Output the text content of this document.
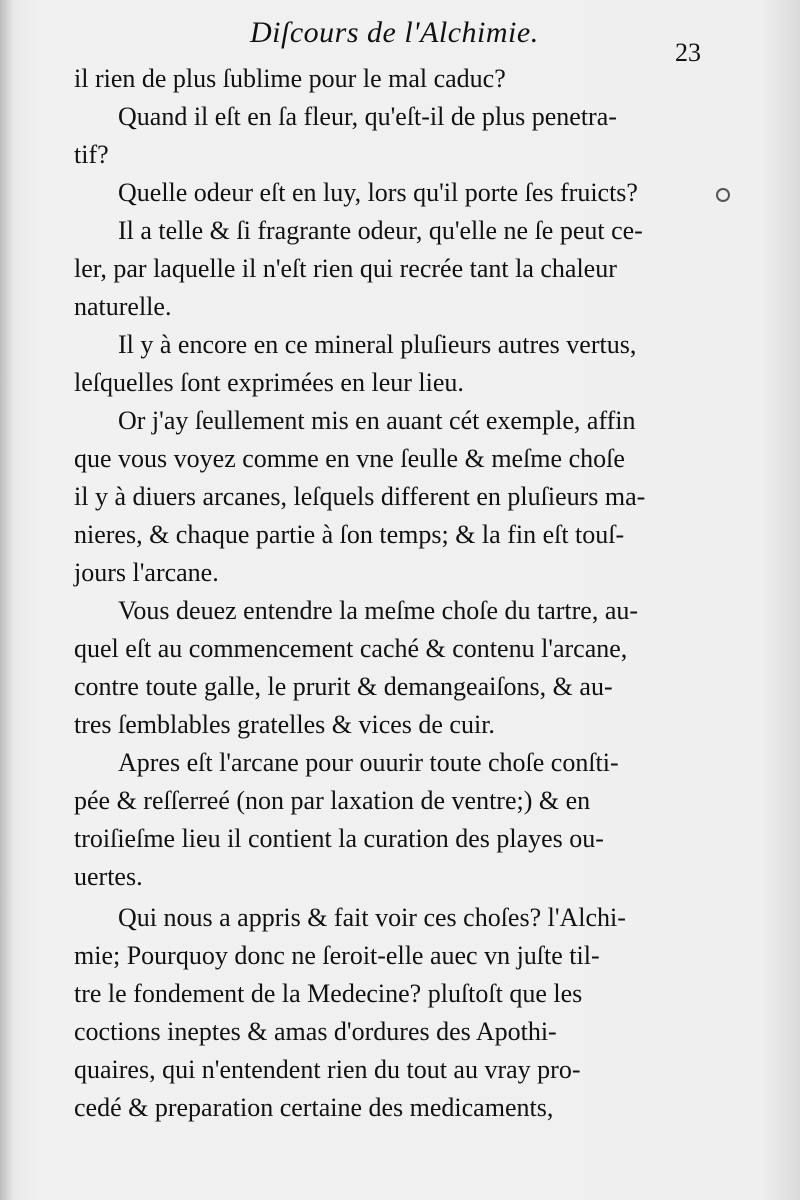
Diſcours de l'Alchimie.
23
il rien de plus ſublime pour le mal caduc?
Quand il eſt en ſa fleur, qu'eſt-il de plus penetra-
tif?
Quelle odeur eſt en luy, lors qu'il porte ſes fruicts?
Il a telle & ſi fragrante odeur, qu'elle ne ſe peut ce-
ler, par laquelle il n'eſt rien qui recrée tant la chaleur
naturelle.
Il y à encore en ce mineral pluſieurs autres vertus,
leſquelles ſont exprimées en leur lieu.
Or j'ay ſeullement mis en auant cét exemple, affin
que vous voyez comme en vne ſeulle & meſme choſe
il y à diuers arcanes, leſquels different en pluſieurs ma-
nieres, & chaque partie à ſon temps; & la fin eſt touſ-
jours l'arcane.
Vous deuez entendre la meſme choſe du tartre, au-
quel eſt au commencement caché & contenu l'arcane,
contre toute galle, le prurit & demangeaiſons, & au-
tres ſemblables gratelles & vices de cuir.
Apres eſt l'arcane pour ouurir toute choſe conſti-
pée & reſſerreé (non par laxation de ventre;) & en
troiſieſme lieu il contient la curation des playes ou-
uertes.
Qui nous a appris & fait voir ces choſes? l'Alchi-
mie; Pourquoy donc ne ſeroit-elle auec vn juſte til-
tre le fondement de la Medecine? pluſtoſt que les
coctions ineptes & amas d'ordures des Apothi-
quaires, qui n'entendent rien du tout au vray pro-
cedé & preparation certaine des medicaments,
